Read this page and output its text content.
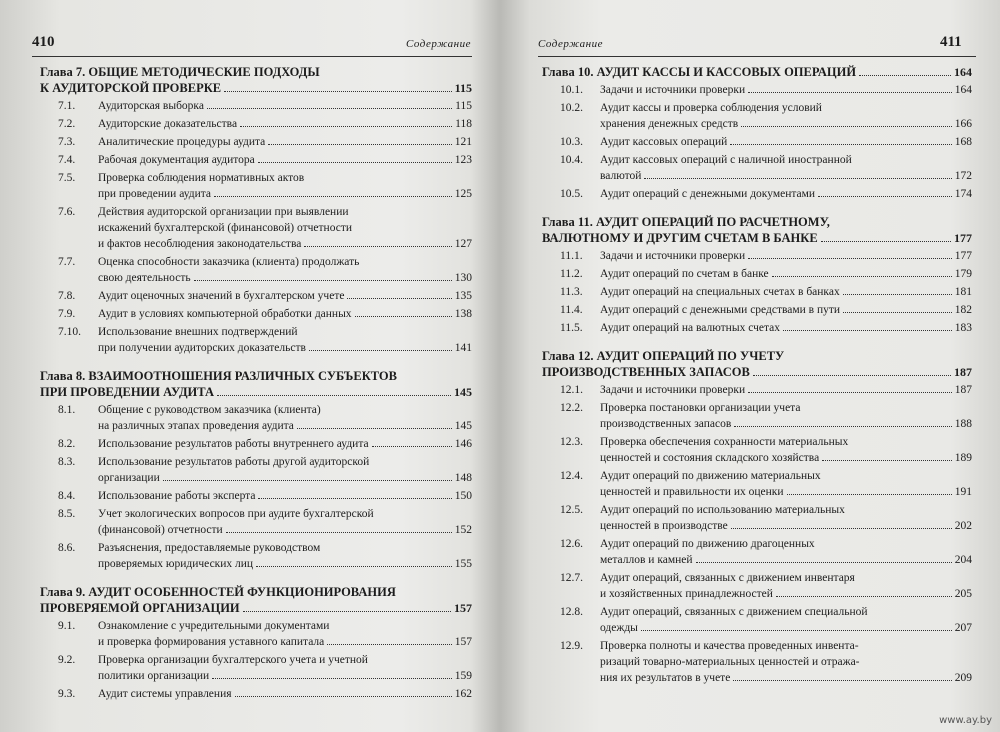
410	Содержание
Глава 7. ОБЩИЕ МЕТОДИЧЕСКИЕ ПОДХОДЫ
К АУДИТОРСКОЙ ПРОВЕРКЕ	115
7.1. Аудиторская выборка	115
7.2. Аудиторские доказательства	118
7.3. Аналитические процедуры аудита	121
7.4. Рабочая документация аудитора	123
7.5. Проверка соблюдения нормативных актов
при проведении аудита	125
7.6. Действия аудиторской организации при выявлении
искажений бухгалтерской (финансовой) отчетности
и фактов несоблюдения законодательства	127
7.7. Оценка способности заказчика (клиента) продолжать
свою деятельность	130
7.8. Аудит оценочных значений в бухгалтерском учете	135
7.9. Аудит в условиях компьютерной обработки данных	138
7.10. Использование внешних подтверждений
при получении аудиторских доказательств	141
Глава 8. ВЗАИМООТНОШЕНИЯ РАЗЛИЧНЫХ СУБЪЕКТОВ
ПРИ ПРОВЕДЕНИИ АУДИТА	145
8.1. Общение с руководством заказчика (клиента)
на различных этапах проведения аудита	145
8.2. Использование результатов работы внутреннего аудита	146
8.3. Использование результатов работы другой аудиторской
организации	148
8.4. Использование работы эксперта	150
8.5. Учет экологических вопросов при аудите бухгалтерской
(финансовой) отчетности	152
8.6. Разъяснения, предоставляемые руководством
проверяемых юридических лиц	155
Глава 9. АУДИТ ОСОБЕННОСТЕЙ ФУНКЦИОНИРОВАНИЯ
ПРОВЕРЯЕМОЙ ОРГАНИЗАЦИИ	157
9.1. Ознакомление с учредительными документами
и проверка формирования уставного капитала	157
9.2. Проверка организации бухгалтерского учета и учетной
политики организации	159
9.3. Аудит системы управления	162
411
Содержание
Глава 10. АУДИТ КАССЫ И КАССОВЫХ ОПЕРАЦИЙ	164
10.1. Задачи и источники проверки	164
10.2. Аудит кассы и проверка соблюдения условий
хранения денежных средств	166
10.3. Аудит кассовых операций	168
10.4. Аудит кассовых операций с наличной иностранной
валютой	172
10.5. Аудит операций с денежными документами	174
Глава 11. АУДИТ ОПЕРАЦИЙ ПО РАСЧЕТНОМУ,
ВАЛЮТНОМУ И ДРУГИМ СЧЕТАМ В БАНКЕ	177
11.1. Задачи и источники проверки	177
11.2. Аудит операций по счетам в банке	179
11.3. Аудит операций на специальных счетах в банках	181
11.4. Аудит операций с денежными средствами в пути	182
11.5. Аудит операций на валютных счетах	183
Глава 12. АУДИТ ОПЕРАЦИЙ ПО УЧЕТУ
ПРОИЗВОДСТВЕННЫХ ЗАПАСОВ	187
12.1. Задачи и источники проверки	187
12.2. Проверка постановки организации учета
производственных запасов	188
12.3. Проверка обеспечения сохранности материальных
ценностей и состояния складского хозяйства	189
12.4. Аудит операций по движению материальных
ценностей и правильности их оценки	191
12.5. Аудит операций по использованию материальных
ценностей в производстве	202
12.6. Аудит операций по движению драгоценных
металлов и камней	204
12.7. Аудит операций, связанных с движением инвентаря
и хозяйственных принадлежностей	205
12.8. Аудит операций, связанных с движением специальной
одежды	207
12.9. Проверка полноты и качества проведенных инвента-
ризаций товарно-материальных ценностей и отража-
ния их результатов в учете	209
www.ay.by
